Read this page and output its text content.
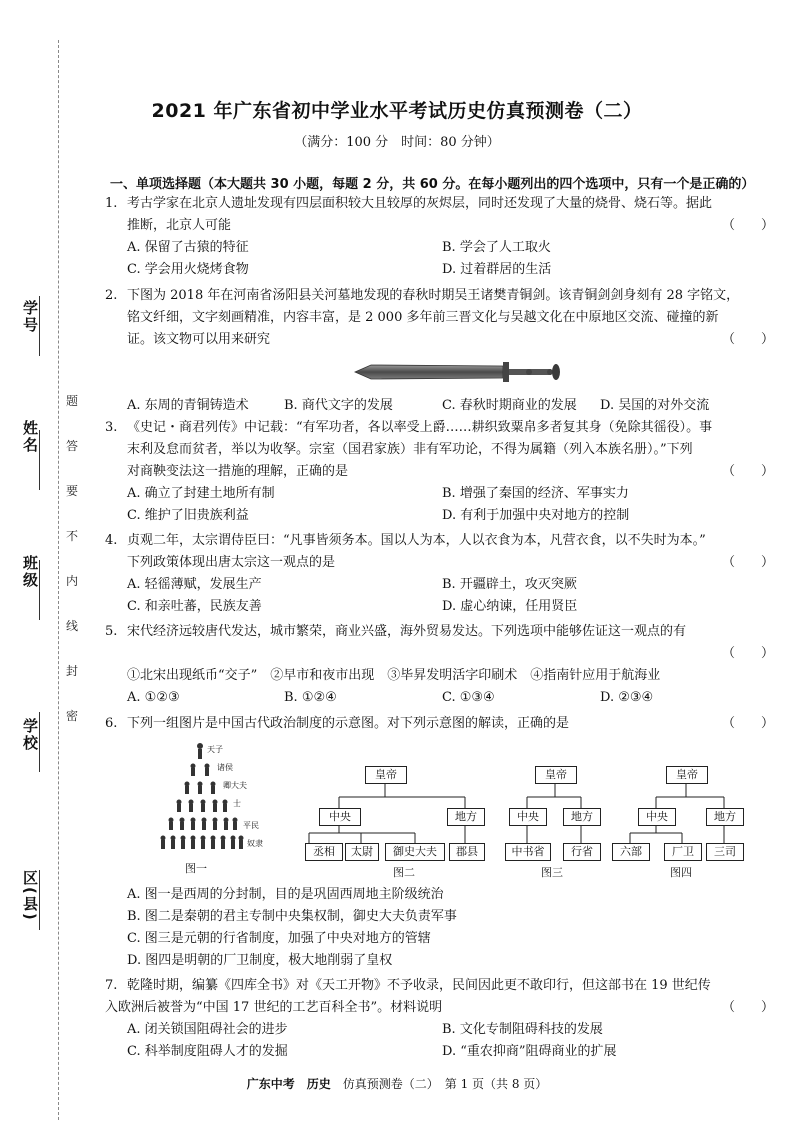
学号
姓名
班级
学校
区(县)
题
答
要
不
内
线
封
密
2021 年广东省初中学业水平考试历史仿真预测卷（二）
（满分：100 分　时间：80 分钟）
一、单项选择题（本大题共 30 小题，每题 2 分，共 60 分。在每小题列出的四个选项中，只有一个是正确的）
1. 考古学家在北京人遗址发现有四层面积较大且较厚的灰烬层，同时还发现了大量的烧骨、烧石等。据此
推断，北京人可能	（　　）
A. 保留了古猿的特征	B. 学会了人工取火
C. 学会用火烧烤食物	D. 过着群居的生活
2. 下图为 2018 年在河南省汤阳县关河墓地发现的春秋时期吴王诸樊青铜剑。该青铜剑剑身刻有 28 字铭文，
铭文纤细，文字刻画精准，内容丰富，是 2 000 多年前三晋文化与吴越文化在中原地区交流、碰撞的新
证。该文物可以用来研究	（　　）
A. 东周的青铜铸造术	B. 商代文字的发展	C. 春秋时期商业的发展 D. 吴国的对外交流
3. 《史记・商君列传》中记载：“有军功者，各以率受上爵……耕织致粟帛多者复其身（免除其徭役）。事
末利及怠而贫者，举以为收孥。宗室（国君家族）非有军功论，不得为属籍（列入本族名册）。”下列
对商鞅变法这一措施的理解，正确的是	（　　）
A. 确立了封建土地所有制	B. 增强了秦国的经济、军事实力
C. 维护了旧贵族利益	D. 有利于加强中央对地方的控制
4. 贞观二年，太宗谓侍臣曰：“凡事皆须务本。国以人为本，人以衣食为本，凡营衣食，以不失时为本。”
下列政策体现出唐太宗这一观点的是	（　　）
A. 轻徭薄赋，发展生产	B. 开疆辟土，攻灭突厥
C. 和亲吐蕃，民族友善	D. 虚心纳谏，任用贤臣
5. 宋代经济远较唐代发达，城市繁荣，商业兴盛，海外贸易发达。下列选项中能够佐证这一观点的有
（　　）
①北宋出现纸币“交子”　②早市和夜市出现　③毕昇发明活字印刷术　④指南针应用于航海业
A. ①②③	B. ①②④	C. ①③④	D. ②③④
6. 下列一组图片是中国古代政治制度的示意图。对下列示意图的解读，正确的是	（　　）
天子
诸侯
卿大夫
士
平民
奴隶
图一
皇帝
中央	地方
丞相	太尉	御史大夫	郡县
图二
皇帝
中央	地方
中书省	行省
图三
皇帝
中央	地方
六部	厂卫	三司
图四
A. 图一是西周的分封制，目的是巩固西周地主阶级统治
B. 图二是秦朝的君主专制中央集权制，御史大夫负责军事
C. 图三是元朝的行省制度，加强了中央对地方的管辖
D. 图四是明朝的厂卫制度，极大地削弱了皇权
7. 乾隆时期，编纂《四库全书》对《天工开物》不予收录，民间因此更不敢印行，但这部书在 19 世纪传
入欧洲后被誉为“中国 17 世纪的工艺百科全书”。材料说明	（　　）
A. 闭关锁国阻碍社会的进步	B. 文化专制阻碍科技的发展
C. 科举制度阻碍人才的发掘	D. “重农抑商”阻碍商业的扩展
广东中考　历史　 仿真预测卷（二）　第 1 页（共 8 页）
